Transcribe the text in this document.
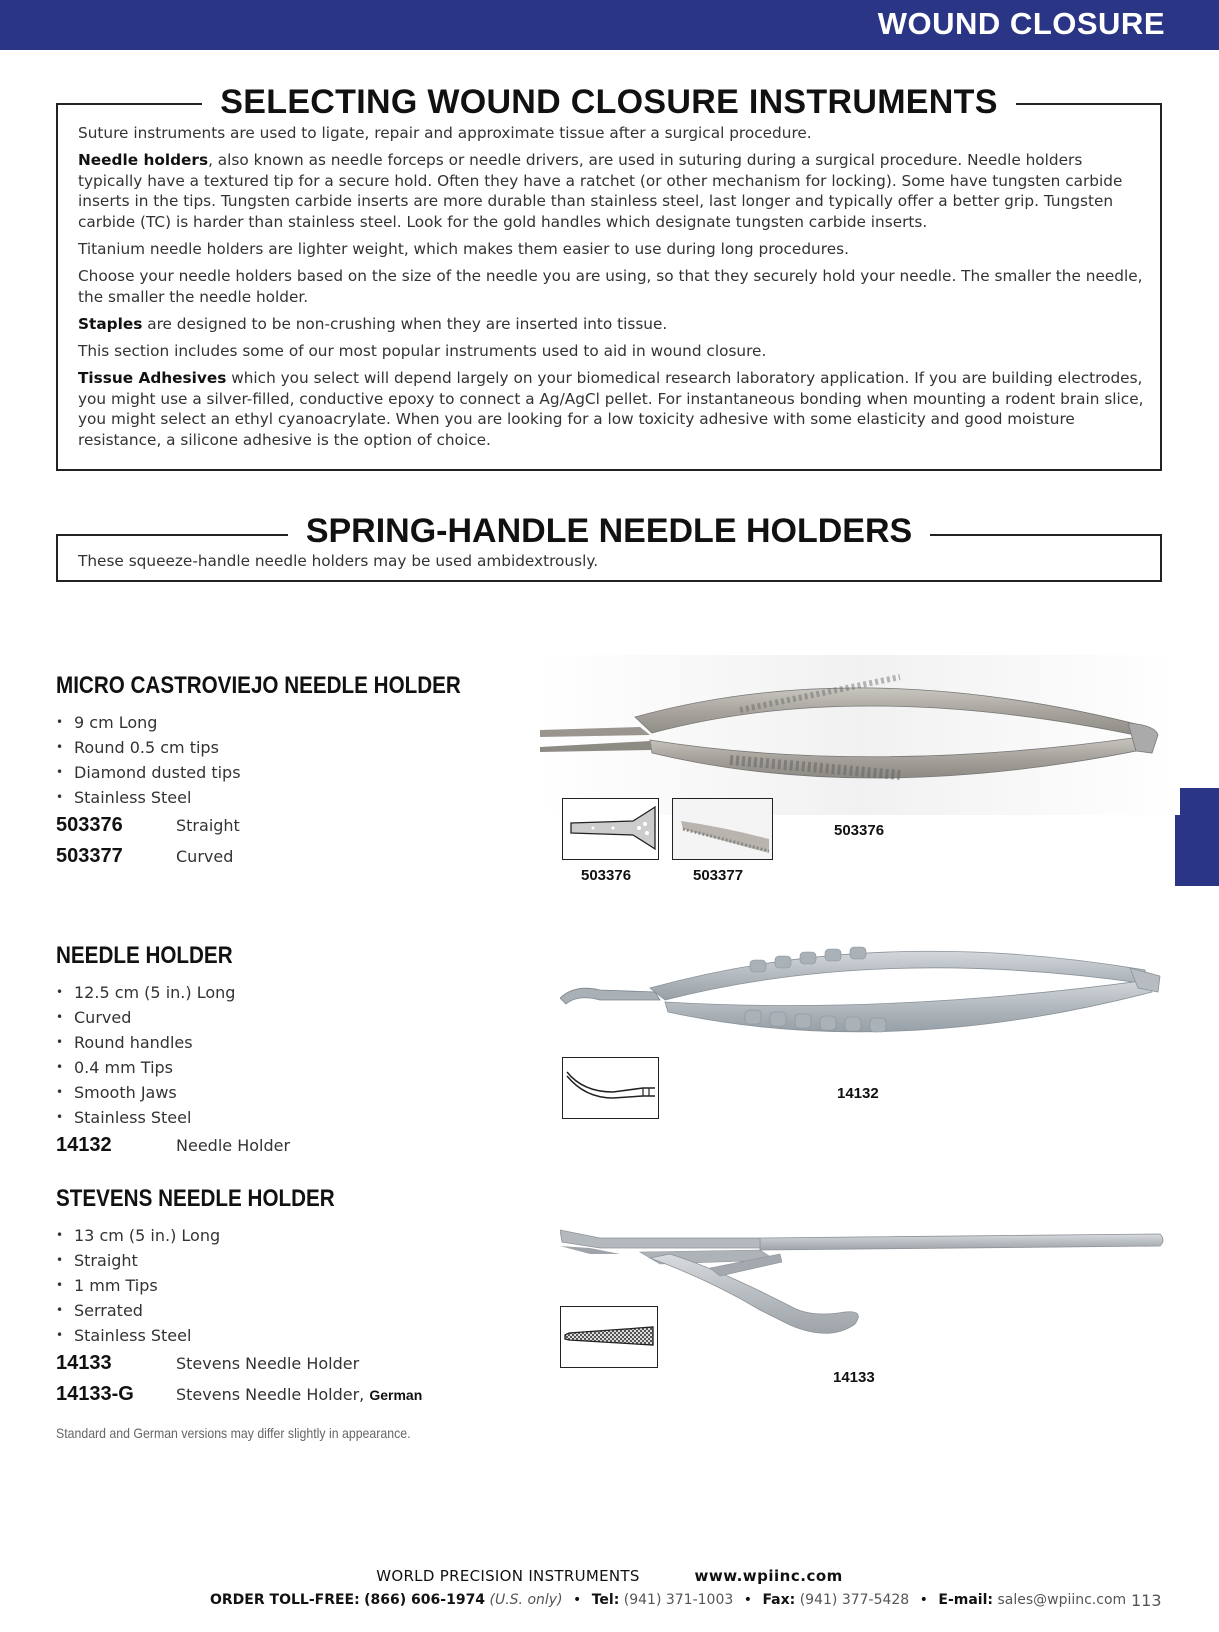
WOUND CLOSURE
SELECTING WOUND CLOSURE INSTRUMENTS

Suture instruments are used to ligate, repair and approximate tissue after a surgical procedure.

Needle holders, also known as needle forceps or needle drivers, are used in suturing during a surgical procedure. Needle holders typically have a textured tip for a secure hold. Often they have a ratchet (or other mechanism for locking). Some have tungsten carbide inserts in the tips. Tungsten carbide inserts are more durable than stainless steel, last longer and typically offer a better grip. Tungsten carbide (TC) is harder than stainless steel. Look for the gold handles which designate tungsten carbide inserts.

Titanium needle holders are lighter weight, which makes them easier to use during long procedures.

Choose your needle holders based on the size of the needle you are using, so that they securely hold your needle. The smaller the needle, the smaller the needle holder.

Staples are designed to be non-crushing when they are inserted into tissue.

This section includes some of our most popular instruments used to aid in wound closure.

Tissue Adhesives which you select will depend largely on your biomedical research laboratory application. If you are building electrodes, you might use a silver-filled, conductive epoxy to connect a Ag/AgCl pellet. For instantaneous bonding when mounting a rodent brain slice, you might select an ethyl cyanoacrylate. When you are looking for a low toxicity adhesive with some elasticity and good moisture resistance, a silicone adhesive is the option of choice.

SPRING-HANDLE NEEDLE HOLDERS
These squeeze-handle needle holders may be used ambidextrously.
MICRO CASTROVIEJO NEEDLE HOLDER
• 9 cm Long
• Round 0.5 cm tips
• Diamond dusted tips
• Stainless Steel
503376	Straight
503377	Curved
503376	503377
503376
NEEDLE HOLDER
• 12.5 cm (5 in.) Long
• Curved
• Round handles
• 0.4 mm Tips
• Smooth Jaws
• Stainless Steel
14132	Needle Holder
14132
STEVENS NEEDLE HOLDER
• 13 cm (5 in.) Long
• Straight
• 1 mm Tips
• Serrated
• Stainless Steel
14133	Stevens Needle Holder
14133-G	Stevens Needle Holder, German
Standard and German versions may differ slightly in appearance.
14133
WORLD PRECISION INSTRUMENTS	www.wpiinc.com
ORDER TOLL-FREE: (866) 606-1974 (U.S. only) • Tel: (941) 371-1003 • Fax: (941) 377-5428 • E-mail: sales@wpiinc.com 113
